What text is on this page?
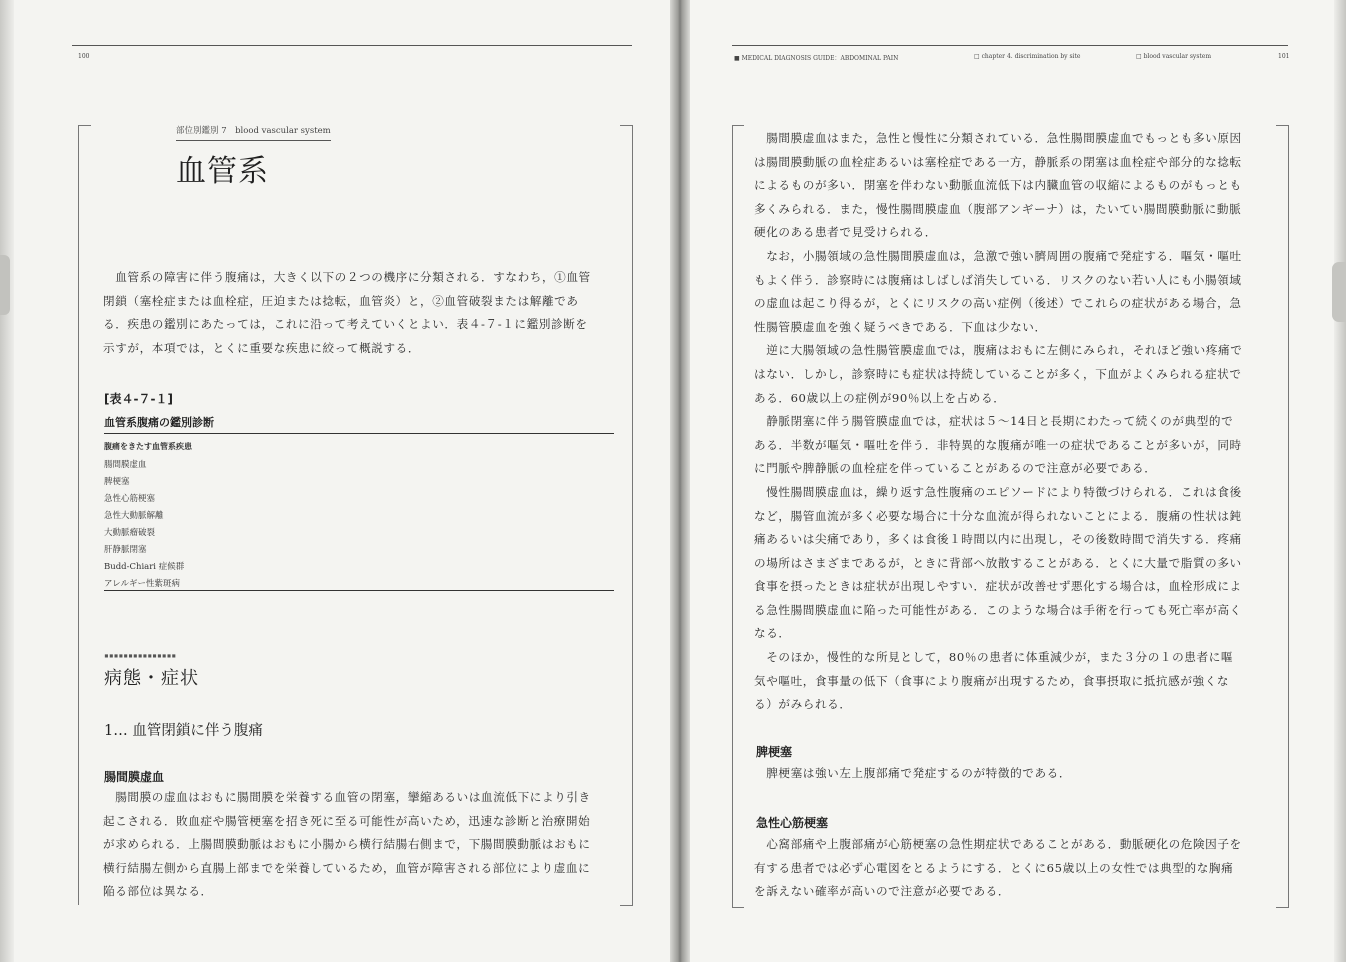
100
部位別鑑別 7　blood vascular system
血管系
　血管系の障害に伴う腹痛は，大きく以下の２つの機序に分類される．すなわち，①血管
閉鎖（塞栓症または血栓症，圧迫または捻転，血管炎）と，②血管破裂または解離であ
る．疾患の鑑別にあたっては，これに沿って考えていくとよい．表４-７-１に鑑別診断を
示すが，本項では，とくに重要な疾患に絞って概説する．
[表４-７-１]
血管系腹痛の鑑別診断
腹痛をきたす血管系疾患
腸間膜虚血
脾梗塞
急性心筋梗塞
急性大動脈解離
大動脈瘤破裂
肝静脈閉塞
Budd-Chiari 症候群
アレルギー性紫斑病
▪▪▪▪▪▪▪▪▪▪▪▪▪▪▪
病態・症状
1… 血管閉鎖に伴う腹痛
腸間膜虚血
　腸間膜の虚血はおもに腸間膜を栄養する血管の閉塞，攣縮あるいは血流低下により引き
起こされる．敗血症や腸管梗塞を招き死に至る可能性が高いため，迅速な診断と治療開始
が求められる．上腸間膜動脈はおもに小腸から横行結腸右側まで，下腸間膜動脈はおもに
横行結腸左側から直腸上部までを栄養しているため，血管が障害される部位により虚血に
陥る部位は異なる．
■ MEDICAL DIAGNOSIS GUIDE：ABDOMINAL PAIN	□ chapter 4. discrimination by site	□ blood vascular system	101
　腸間膜虚血はまた，急性と慢性に分類されている．急性腸間膜虚血でもっとも多い原因
は腸間膜動脈の血栓症あるいは塞栓症である一方，静脈系の閉塞は血栓症や部分的な捻転
によるものが多い．閉塞を伴わない動脈血流低下は内臓血管の収縮によるものがもっとも
多くみられる．また，慢性腸間膜虚血（腹部アンギーナ）は，たいてい腸間膜動脈に動脈
硬化のある患者で見受けられる．
　なお，小腸領域の急性腸間膜虚血は，急激で強い臍周囲の腹痛で発症する．嘔気・嘔吐
もよく伴う．診察時には腹痛はしばしば消失している．リスクのない若い人にも小腸領域
の虚血は起こり得るが，とくにリスクの高い症例（後述）でこれらの症状がある場合，急
性腸管膜虚血を強く疑うべきである．下血は少ない．
　逆に大腸領域の急性腸管膜虚血では，腹痛はおもに左側にみられ，それほど強い疼痛で
はない．しかし，診察時にも症状は持続していることが多く，下血がよくみられる症状で
ある．60歳以上の症例が90％以上を占める．
　静脈閉塞に伴う腸管膜虚血では，症状は５〜14日と長期にわたって続くのが典型的で
ある．半数が嘔気・嘔吐を伴う．非特異的な腹痛が唯一の症状であることが多いが，同時
に門脈や脾静脈の血栓症を伴っていることがあるので注意が必要である．
　慢性腸間膜虚血は，繰り返す急性腹痛のエピソードにより特徴づけられる．これは食後
など，腸管血流が多く必要な場合に十分な血流が得られないことによる．腹痛の性状は鈍
痛あるいは尖痛であり，多くは食後１時間以内に出現し，その後数時間で消失する．疼痛
の場所はさまざまであるが，ときに背部へ放散することがある．とくに大量で脂質の多い
食事を摂ったときは症状が出現しやすい．症状が改善せず悪化する場合は，血栓形成によ
る急性腸間膜虚血に陥った可能性がある．このような場合は手術を行っても死亡率が高く
なる．
　そのほか，慢性的な所見として，80％の患者に体重減少が，また３分の１の患者に嘔
気や嘔吐，食事量の低下（食事により腹痛が出現するため，食事摂取に抵抗感が強くな
る）がみられる．
脾梗塞
　脾梗塞は強い左上腹部痛で発症するのが特徴的である．
急性心筋梗塞
　心窩部痛や上腹部痛が心筋梗塞の急性期症状であることがある．動脈硬化の危険因子を
有する患者では必ず心電図をとるようにする．とくに65歳以上の女性では典型的な胸痛
を訴えない確率が高いので注意が必要である．
